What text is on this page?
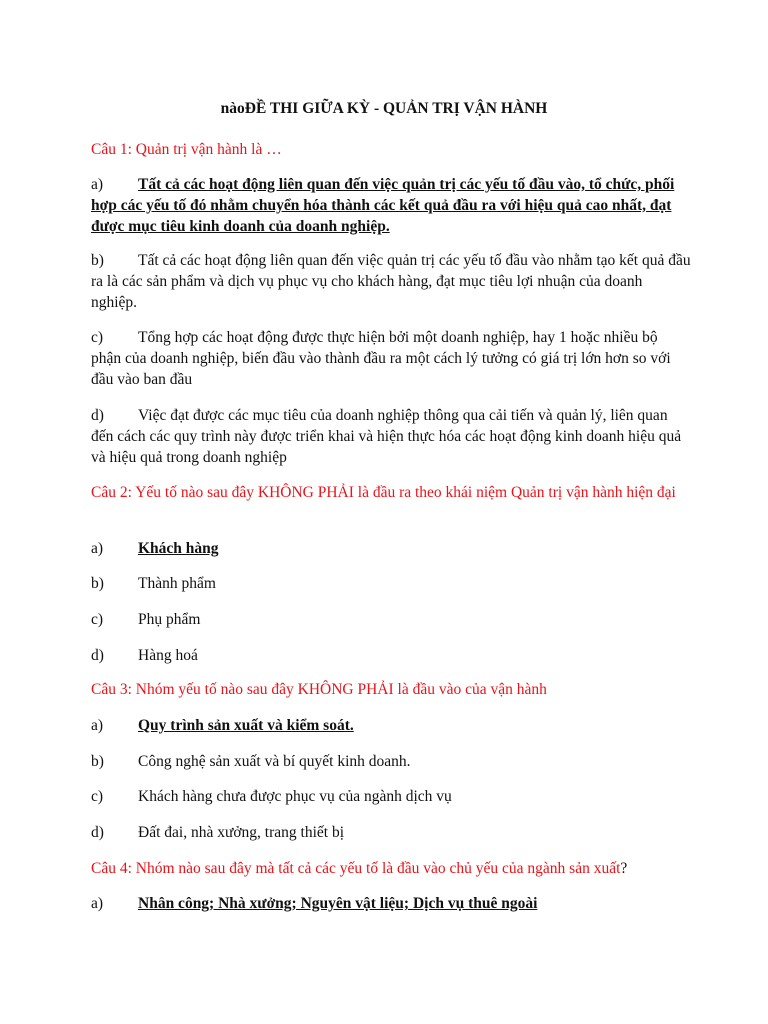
nàoĐỀ THI GIỮA KỲ - QUẢN TRỊ VẬN HÀNH
Câu 1: Quản trị vận hành là …
a) Tất cả các hoạt động liên quan đến việc quản trị các yếu tố đầu vào, tổ chức, phối hợp các yếu tố đó nhằm chuyển hóa thành các kết quả đầu ra với hiệu quả cao nhất, đạt được mục tiêu kinh doanh của doanh nghiệp.
b) Tất cả các hoạt động liên quan đến việc quản trị các yếu tố đầu vào nhằm tạo kết quả đầu ra là các sản phẩm và dịch vụ phục vụ cho khách hàng, đạt mục tiêu lợi nhuận của doanh nghiệp.
c) Tổng hợp các hoạt động được thực hiện bởi một doanh nghiệp, hay 1 hoặc nhiều bộ phận của doanh nghiệp, biến đầu vào thành đầu ra một cách lý tưởng có giá trị lớn hơn so với đầu vào ban đầu
d) Việc đạt được các mục tiêu của doanh nghiệp thông qua cải tiến và quản lý, liên quan đến cách các quy trình này được triển khai và hiện thực hóa các hoạt động kinh doanh hiệu quả và hiệu quả trong doanh nghiệp
Câu 2: Yếu tố nào sau đây KHÔNG PHẢI là đầu ra theo khái niệm Quản trị vận hành hiện đại
a) Khách hàng
b) Thành phẩm
c) Phụ phẩm
d) Hàng hoá
Câu 3: Nhóm yếu tố nào sau đây KHÔNG PHẢI là đầu vào của vận hành
a) Quy trình sản xuất và kiểm soát.
b) Công nghệ sản xuất và bí quyết kinh doanh.
c) Khách hàng chưa được phục vụ của ngành dịch vụ
d) Đất đai, nhà xưởng, trang thiết bị
Câu 4: Nhóm nào sau đây mà tất cả các yếu tố là đầu vào chủ yếu của ngành sản xuất?
a) Nhân công; Nhà xưởng; Nguyên vật liệu; Dịch vụ thuê ngoài
